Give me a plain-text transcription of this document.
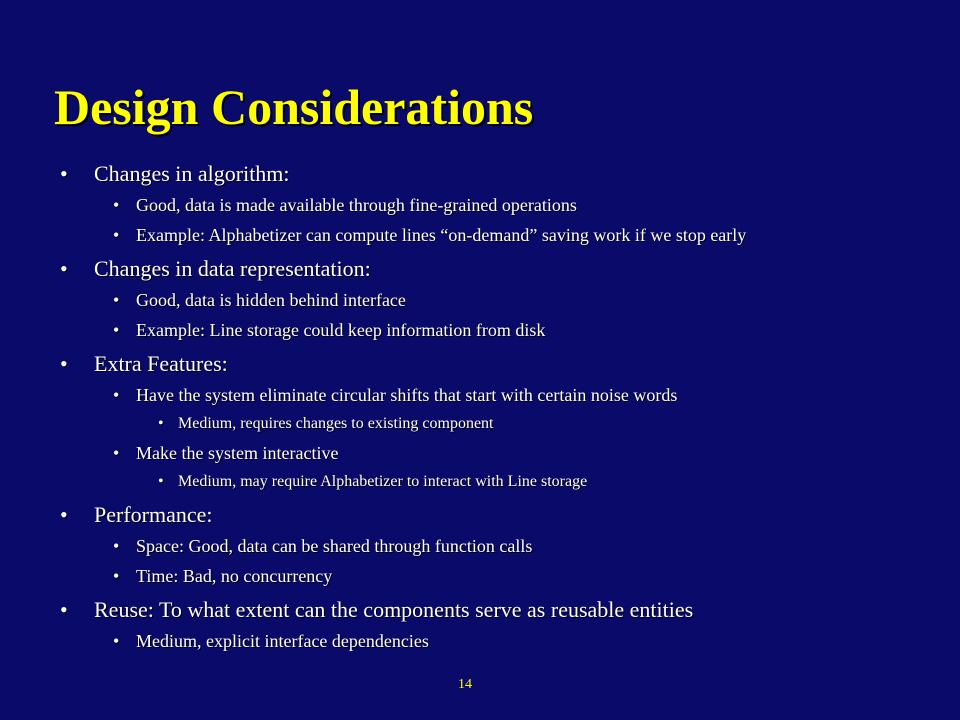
Design Considerations
• Changes in algorithm:
• Good, data is made available through fine-grained operations
• Example: Alphabetizer can compute lines “on-demand” saving work if we stop early
• Changes in data representation:
• Good, data is hidden behind interface
• Example: Line storage could keep information from disk
• Extra Features:
• Have the system eliminate circular shifts that start with certain noise words
• Medium, requires changes to existing component
• Make the system interactive
• Medium, may require Alphabetizer to interact with Line storage
• Performance:
• Space: Good, data can be shared through function calls
• Time: Bad, no concurrency
• Reuse: To what extent can the components serve as reusable entities
• Medium, explicit interface dependencies
14
